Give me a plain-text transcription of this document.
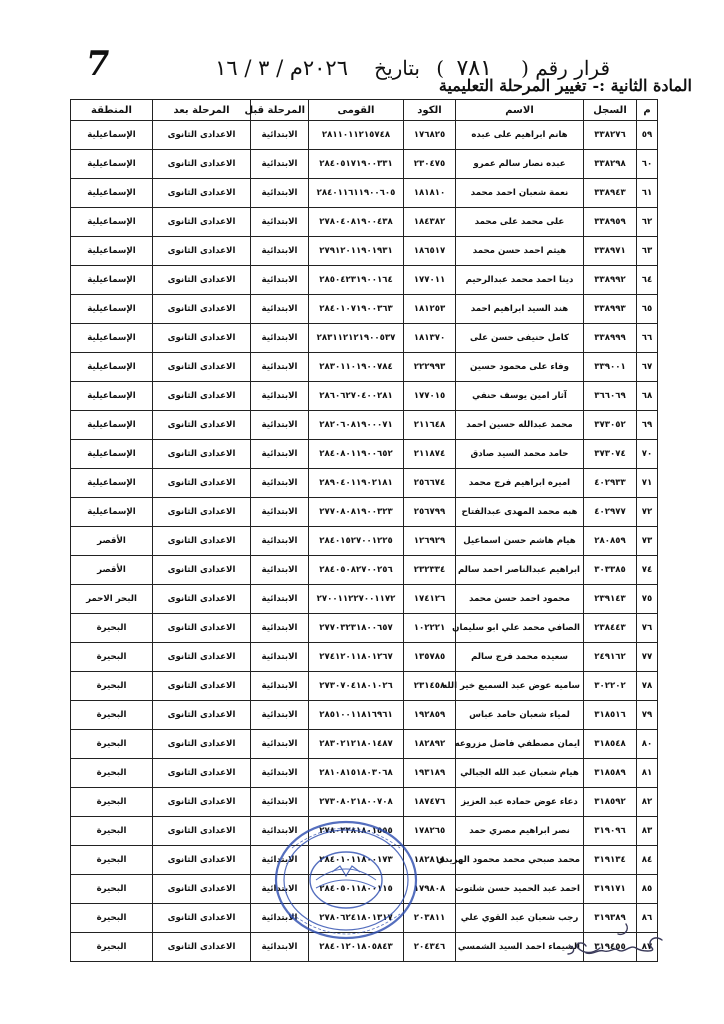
7	قرار رقم (
٧٨١
)
بتاريخ
٢٠٢٦م / ٣ / ١٦
المادة الثانية :-تغيير المرحلة التعليمية
م	السجل	الاسم	الكود	القومى	المرحلة قبل	المرحلة بعد	المنطقة
٥٩	٣٣٨٢٧٦	هانم ابراهيم على عبده	١٧٦٨٢٥	٢٨١١٠١١٢١٥٧٤٨	الابتدائية	الاعدادى الثانوى	الإسماعيلية
٦٠	٣٣٨٢٩٨	عبده نصار سالم عمرو	٢٣٠٤٧٥	٢٨٤٠٥١٧١٩٠٠٣٣١	الابتدائية	الاعدادى الثانوى	الإسماعيلية
٦١	٣٣٨٩٤٣	نعمة شعبان احمد محمد	١٨١٨١٠	٢٨٤٠١١٦١١٩٠٠٦٠٥	الابتدائية	الاعدادى الثانوى	الإسماعيلية
٦٢	٣٣٨٩٥٩	على محمد على محمد	١٨٤٣٨٢	٢٧٨٠٤٠٨١٩٠٠٤٣٨	الابتدائية	الاعدادى الثانوى	الإسماعيلية
٦٣	٣٣٨٩٧١	هيثم احمد حسن محمد	١٨٦٥١٧	٢٧٩١٢٠١١٩٠١٩٣١	الابتدائية	الاعدادى الثانوى	الإسماعيلية
٦٤	٣٣٨٩٩٢	دينا احمد محمد عبدالرحيم	١٧٧٠١١	٢٨٥٠٤٢٣١٩٠٠١٦٤	الابتدائية	الاعدادى الثانوى	الإسماعيلية
٦٥	٣٣٨٩٩٣	هند السيد ابراهيم احمد	١٨١٢٥٣	٢٨٤٠١٠٧١٩٠٠٣٦٣	الابتدائية	الاعدادى الثانوى	الإسماعيلية
٦٦	٣٣٨٩٩٩	كامل حنيفى حسن على	١٨١٣٧٠	٢٨٣١١٢١٢١٩٠٠٥٣٧	الابتدائية	الاعدادى الثانوى	الإسماعيلية
٦٧	٣٣٩٠٠١	وفاء على محمود حسين	٢٢٢٩٩٣	٢٨٣٠١١٠١٩٠٠٧٨٤	الابتدائية	الاعدادى الثانوى	الإسماعيلية
٦٨	٣٦٦٠٦٩	آثار امين يوسف حنفي	١٧٧٠١٥	٢٨٦٠٦٢٧٠٤٠٠٢٨١	الابتدائية	الاعدادى الثانوى	الإسماعيلية
٦٩	٣٧٣٠٥٢	محمد عبدالله حسين احمد	٢١١٦٤٨	٢٨٢٠٦٠٨١٩٠٠٠٧١	الابتدائية	الاعدادى الثانوى	الإسماعيلية
٧٠	٣٧٣٠٧٤	حامد محمد السيد صادق	٢١١٨٧٤	٢٨٤٠٨٠١١٩٠٠٦٥٢	الابتدائية	الاعدادى الثانوى	الإسماعيلية
٧١	٤٠٢٩٣٣	اميره ابراهيم فرج محمد	٢٥٦٦٧٤	٢٨٩٠٤٠١١٩٠٢١٨١	الابتدائية	الاعدادى الثانوى	الإسماعيلية
٧٢	٤٠٢٩٧٧	هبه محمد المهدى عبدالفتاح	٢٥٦٧٩٩	٢٧٧٠٨٠٨١٩٠٠٣٢٣	الابتدائية	الاعدادى الثانوى	الإسماعيلية
٧٣	٢٨٠٨٥٩	هيام هاشم حسن اسماعيل	١٢٦٩٢٩	٢٨٤٠١٥٢٧٠٠١٢٢٥	الابتدائية	الاعدادى الثانوى	الأقصر
٧٤	٣٠٣٣٨٥	ابراهيم عبدالناصر احمد سالم	٢٣٢٣٣٤	٢٨٤٠٥٠٨٢٧٠٠٢٥٦	الابتدائية	الاعدادى الثانوى	الأقصر
٧٥	٢٣٩١٤٣	محمود احمد حسن محمد	١٧٤١٢٦	٢٧٠٠١١٢٢٧٠٠١١٧٢	الابتدائية	الاعدادى الثانوى	البحر الاحمر
٧٦	٢٣٨٤٤٣	الصافي محمد علي ابو سليمان	١٠٢٢٢١	٢٧٧٠٣٢٣١٨٠٠٦٥٧	الابتدائية	الاعدادى الثانوى	البحيرة
٧٧	٢٤٩١٦٢	سعيده محمد فرج سالم	١٣٥٧٨٥	٢٧٤١٢٠١١٨٠١٢٦٧	الابتدائية	الاعدادى الثانوى	البحيرة
٧٨	٣٠٢٢٠٢	ساميه عوض عبد السميع خير الله	٢٣١٤٥٨	٢٧٣٠٧٠٤١٨٠١٠٢٦	الابتدائية	الاعدادى الثانوى	البحيرة
٧٩	٣١٨٥١٦	لمياء شعبان حامد عباس	١٩٢٨٥٩	٢٨٥١٠٠١١٨١٦٩٦١	الابتدائية	الاعدادى الثانوى	البحيرة
٨٠	٣١٨٥٤٨	ايمان مصطفي فاضل مزروعه	١٨٢٨٩٢	٢٨٣٠٢١٢١٨٠١٤٨٧	الابتدائية	الاعدادى الثانوى	البحيرة
٨١	٣١٨٥٨٩	هيام شعبان عبد الله الجبالي	١٩٣١٨٩	٢٨١٠٨١٥١٨٠٣٠٦٨	الابتدائية	الاعدادى الثانوى	البحيرة
٨٢	٣١٨٥٩٢	دعاء عوض حماده عبد العزيز	١٨٧٤٧٦	٢٧٣٠٨٠٢١٨٠٠٧٠٨	الابتدائية	الاعدادى الثانوى	البحيرة
٨٣	٣١٩٠٩٦	نصر ابراهيم مصري حمد	١٧٨٢٦٥	٢٧٨٠٢٢٨١٨٠١٥٥٥	الابتدائية	الاعدادى الثانوى	البحيرة
٨٤	٣١٩١٣٤	محمد صبحي محمد محمود الهريدي	١٨٢٨١٨	٢٨٤٠١٠١١٨٠٠١٧٣	الابتدائية	الاعدادى الثانوى	البحيرة
٨٥	٣١٩١٧١	احمد عبد الحميد حسن شلتوت	١٧٩٨٠٨	٢٨٤٠٥٠١١٨٠٠١١٥	الابتدائية	الاعدادى الثانوى	البحيرة
٨٦	٣١٩٣٨٩	رجب شعبان عبد القوي علي	٢٠٣٨١١	٢٧٨٠٦٢٤١٨٠١٣١٧	الابتدائية	الاعدادى الثانوى	البحيرة
٨٧	٣١٩٤٥٥	الشيماء احمد السيد الشمسي	٢٠٤٣٤٦	٢٨٤٠١٢٠١٨٠٥٨٤٣	الابتدائية	الاعدادى الثانوى	البحيرة
